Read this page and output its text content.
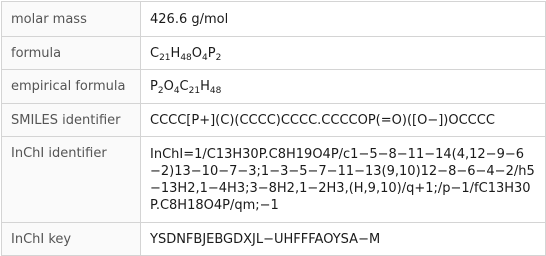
molar mass	426.6 g/mol
formula	$C_{21}H_{48}O_4P_2$
empirical formula	$P_2O_4C_{21}H_{48}$
SMILES identifier	CCCC[P+](C)(CCCC)CCCC.CCCCOP(=O)([O−])OCCCC
InChI identifier	InChI=1/C13H30P.C8H19O4P/c1−5−8−11−14(4,12−9−6−2)13−10−7−3;1−3−5−7−11−13(9,10)12−8−6−4−2/h5−13H2,1−4H3;3−8H2,1−2H3,(H,9,10)/q+1;/p−1/fC13H30P.C8H18O4P/qm;−1
InChI key	YSDNFBJEBGDXJL−UHFFFAOYSA−M
